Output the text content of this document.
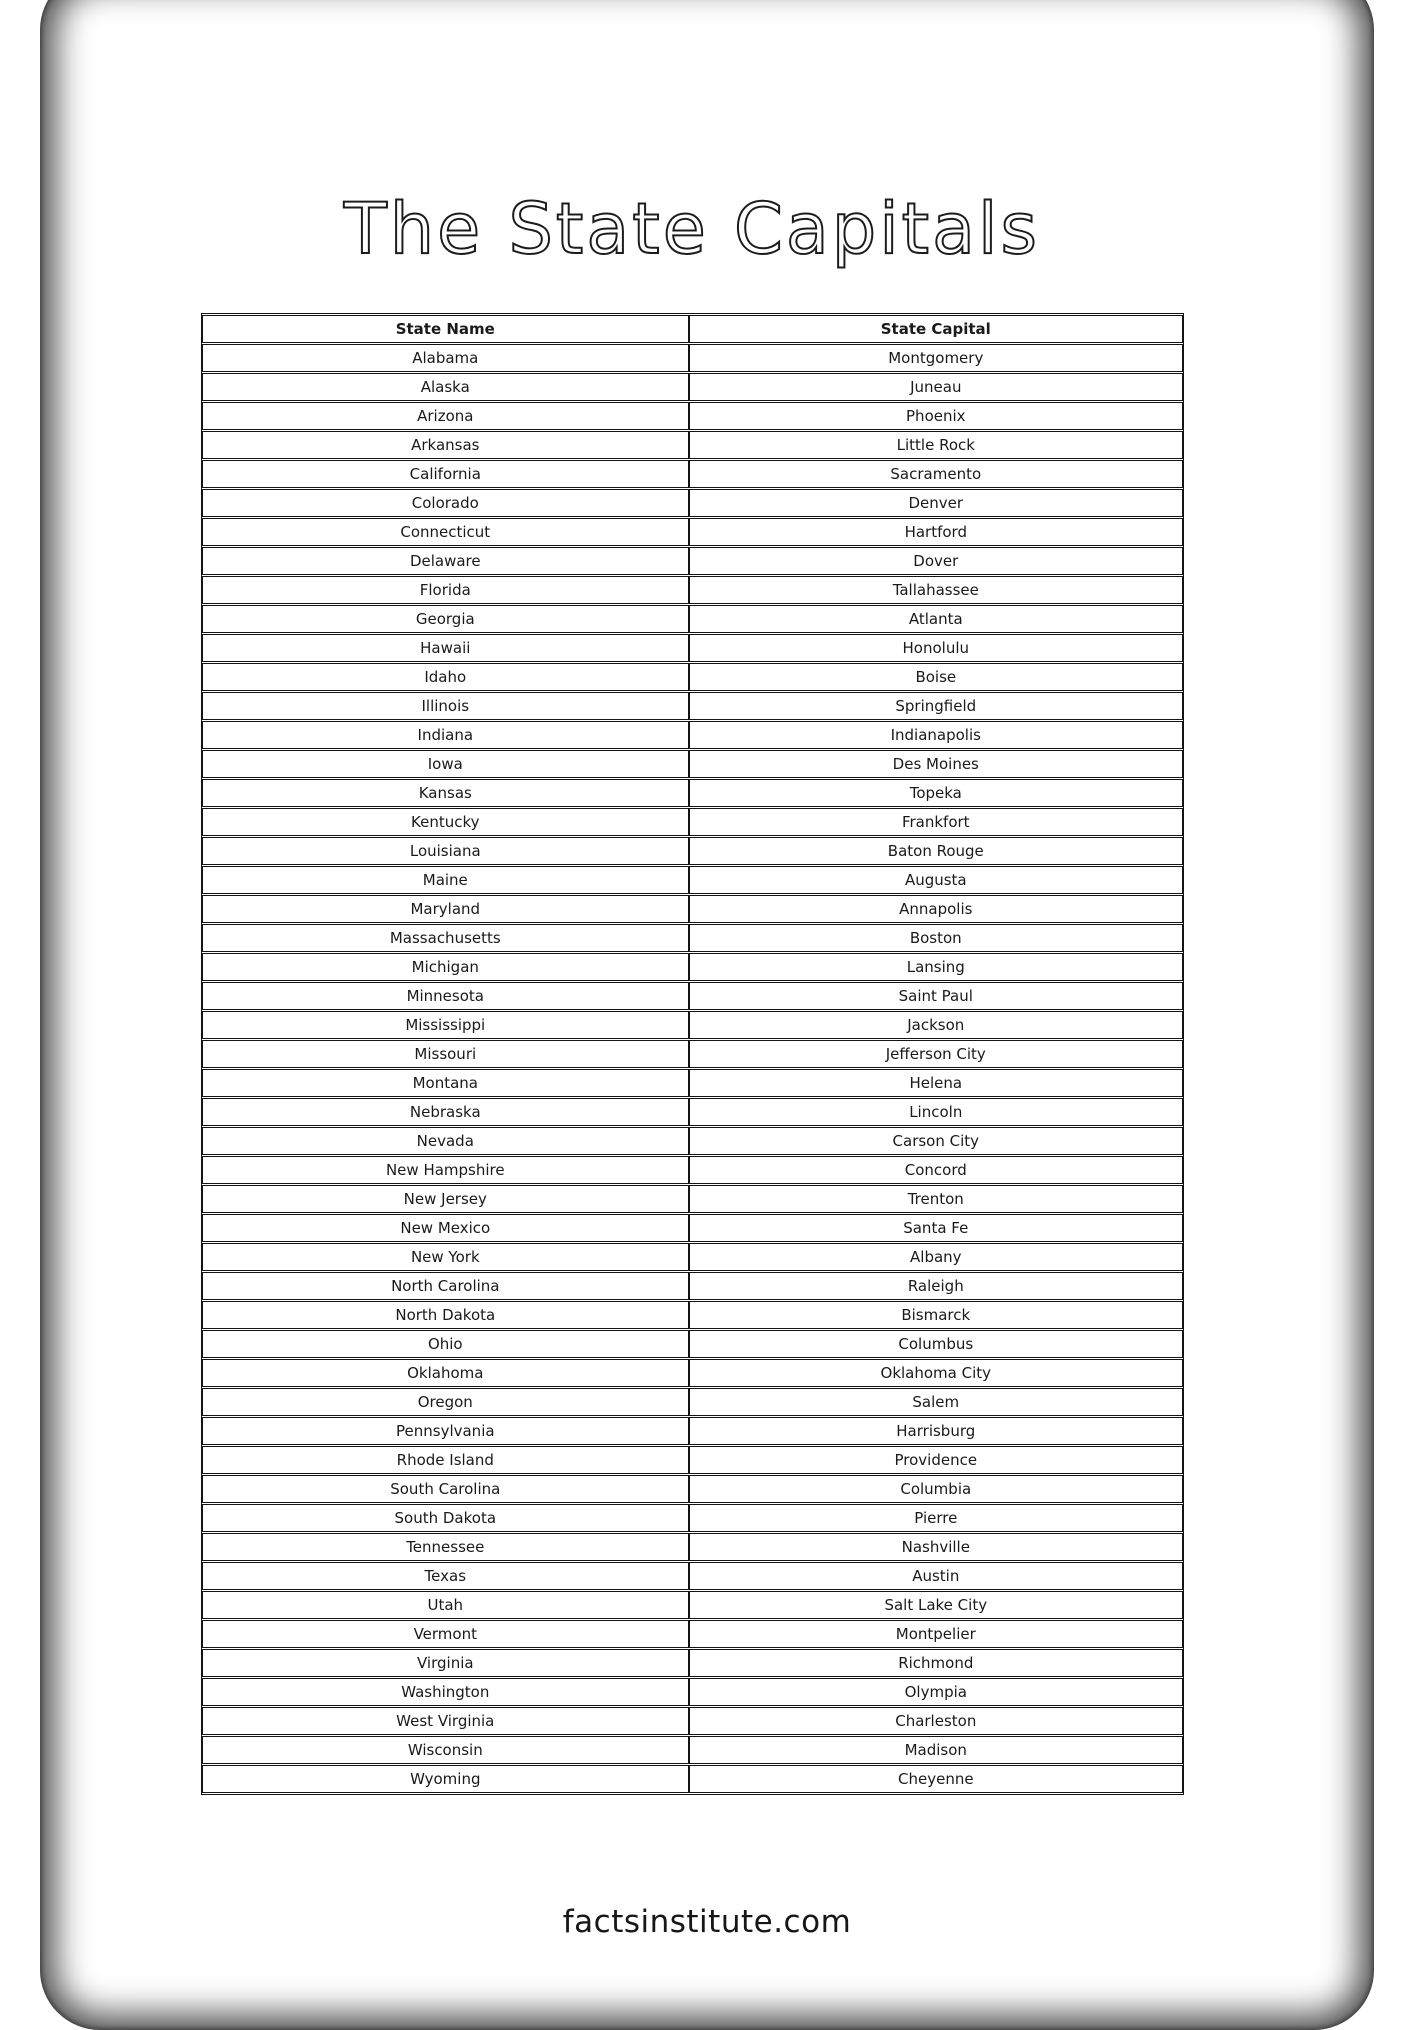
The State Capitals
State Name	State Capital
Alabama	Montgomery
Alaska	Juneau
Arizona	Phoenix
Arkansas	Little Rock
California	Sacramento
Colorado	Denver
Connecticut	Hartford
Delaware	Dover
Florida	Tallahassee
Georgia	Atlanta
Hawaii	Honolulu
Idaho	Boise
Illinois	Springfield
Indiana	Indianapolis
Iowa	Des Moines
Kansas	Topeka
Kentucky	Frankfort
Louisiana	Baton Rouge
Maine	Augusta
Maryland	Annapolis
Massachusetts	Boston
Michigan	Lansing
Minnesota	Saint Paul
Mississippi	Jackson
Missouri	Jefferson City
Montana	Helena
Nebraska	Lincoln
Nevada	Carson City
New Hampshire	Concord
New Jersey	Trenton
New Mexico	Santa Fe
New York	Albany
North Carolina	Raleigh
North Dakota	Bismarck
Ohio	Columbus
Oklahoma	Oklahoma City
Oregon	Salem
Pennsylvania	Harrisburg
Rhode Island	Providence
South Carolina	Columbia
South Dakota	Pierre
Tennessee	Nashville
Texas	Austin
Utah	Salt Lake City
Vermont	Montpelier
Virginia	Richmond
Washington	Olympia
West Virginia	Charleston
Wisconsin	Madison
Wyoming	Cheyenne
factsinstitute.com
